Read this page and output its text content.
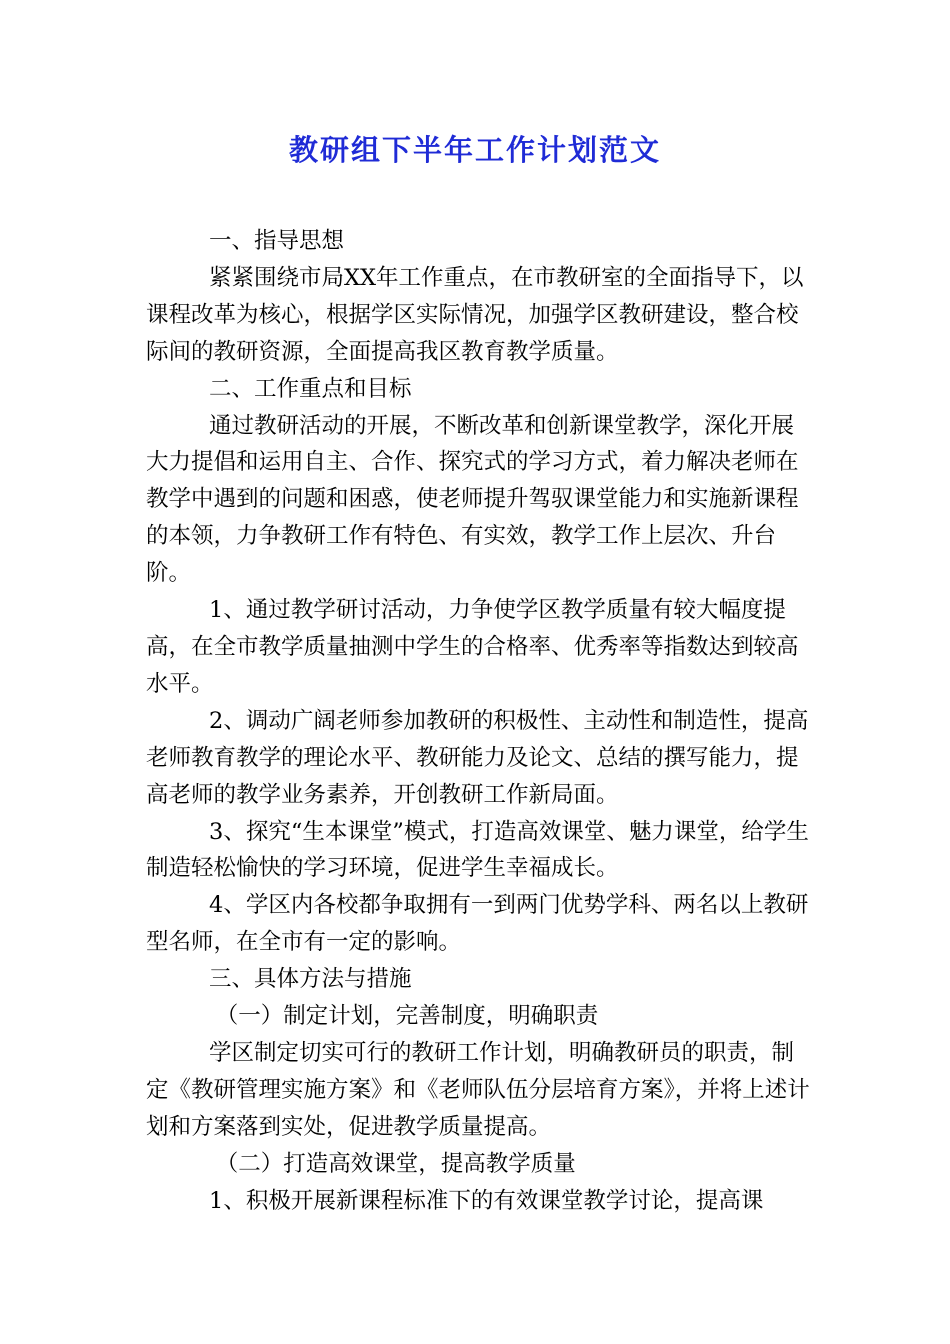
教研组下半年工作计划范文

一、指导思想

紧紧围绕市局XX年工作重点，在市教研室的全面指导下，以课程改革为核心，根据学区实际情况，加强学区教研建设，整合校际间的教研资源，全面提高我区教育教学质量。

二、工作重点和目标

通过教研活动的开展，不断改革和创新课堂教学，深化开展大力提倡和运用自主、合作、探究式的学习方式，着力解决老师在教学中遇到的问题和困惑，使老师提升驾驭课堂能力和实施新课程的本领，力争教研工作有特色、有实效，教学工作上层次、升台阶。

1、通过教学研讨活动，力争使学区教学质量有较大幅度提高，在全市教学质量抽测中学生的合格率、优秀率等指数达到较高水平。

2、调动广阔老师参加教研的积极性、主动性和制造性，提高老师教育教学的理论水平、教研能力及论文、总结的撰写能力，提高老师的教学业务素养，开创教研工作新局面。

3、探究“生本课堂”模式，打造高效课堂、魅力课堂，给学生制造轻松愉快的学习环境，促进学生幸福成长。

4、学区内各校都争取拥有一到两门优势学科、两名以上教研型名师，在全市有一定的影响。

三、具体方法与措施

（一）制定计划，完善制度，明确职责

学区制定切实可行的教研工作计划，明确教研员的职责，制定《教研管理实施方案》和《老师队伍分层培育方案》，并将上述计划和方案落到实处，促进教学质量提高。

（二）打造高效课堂，提高教学质量

1、积极开展新课程标准下的有效课堂教学讨论，提高课
